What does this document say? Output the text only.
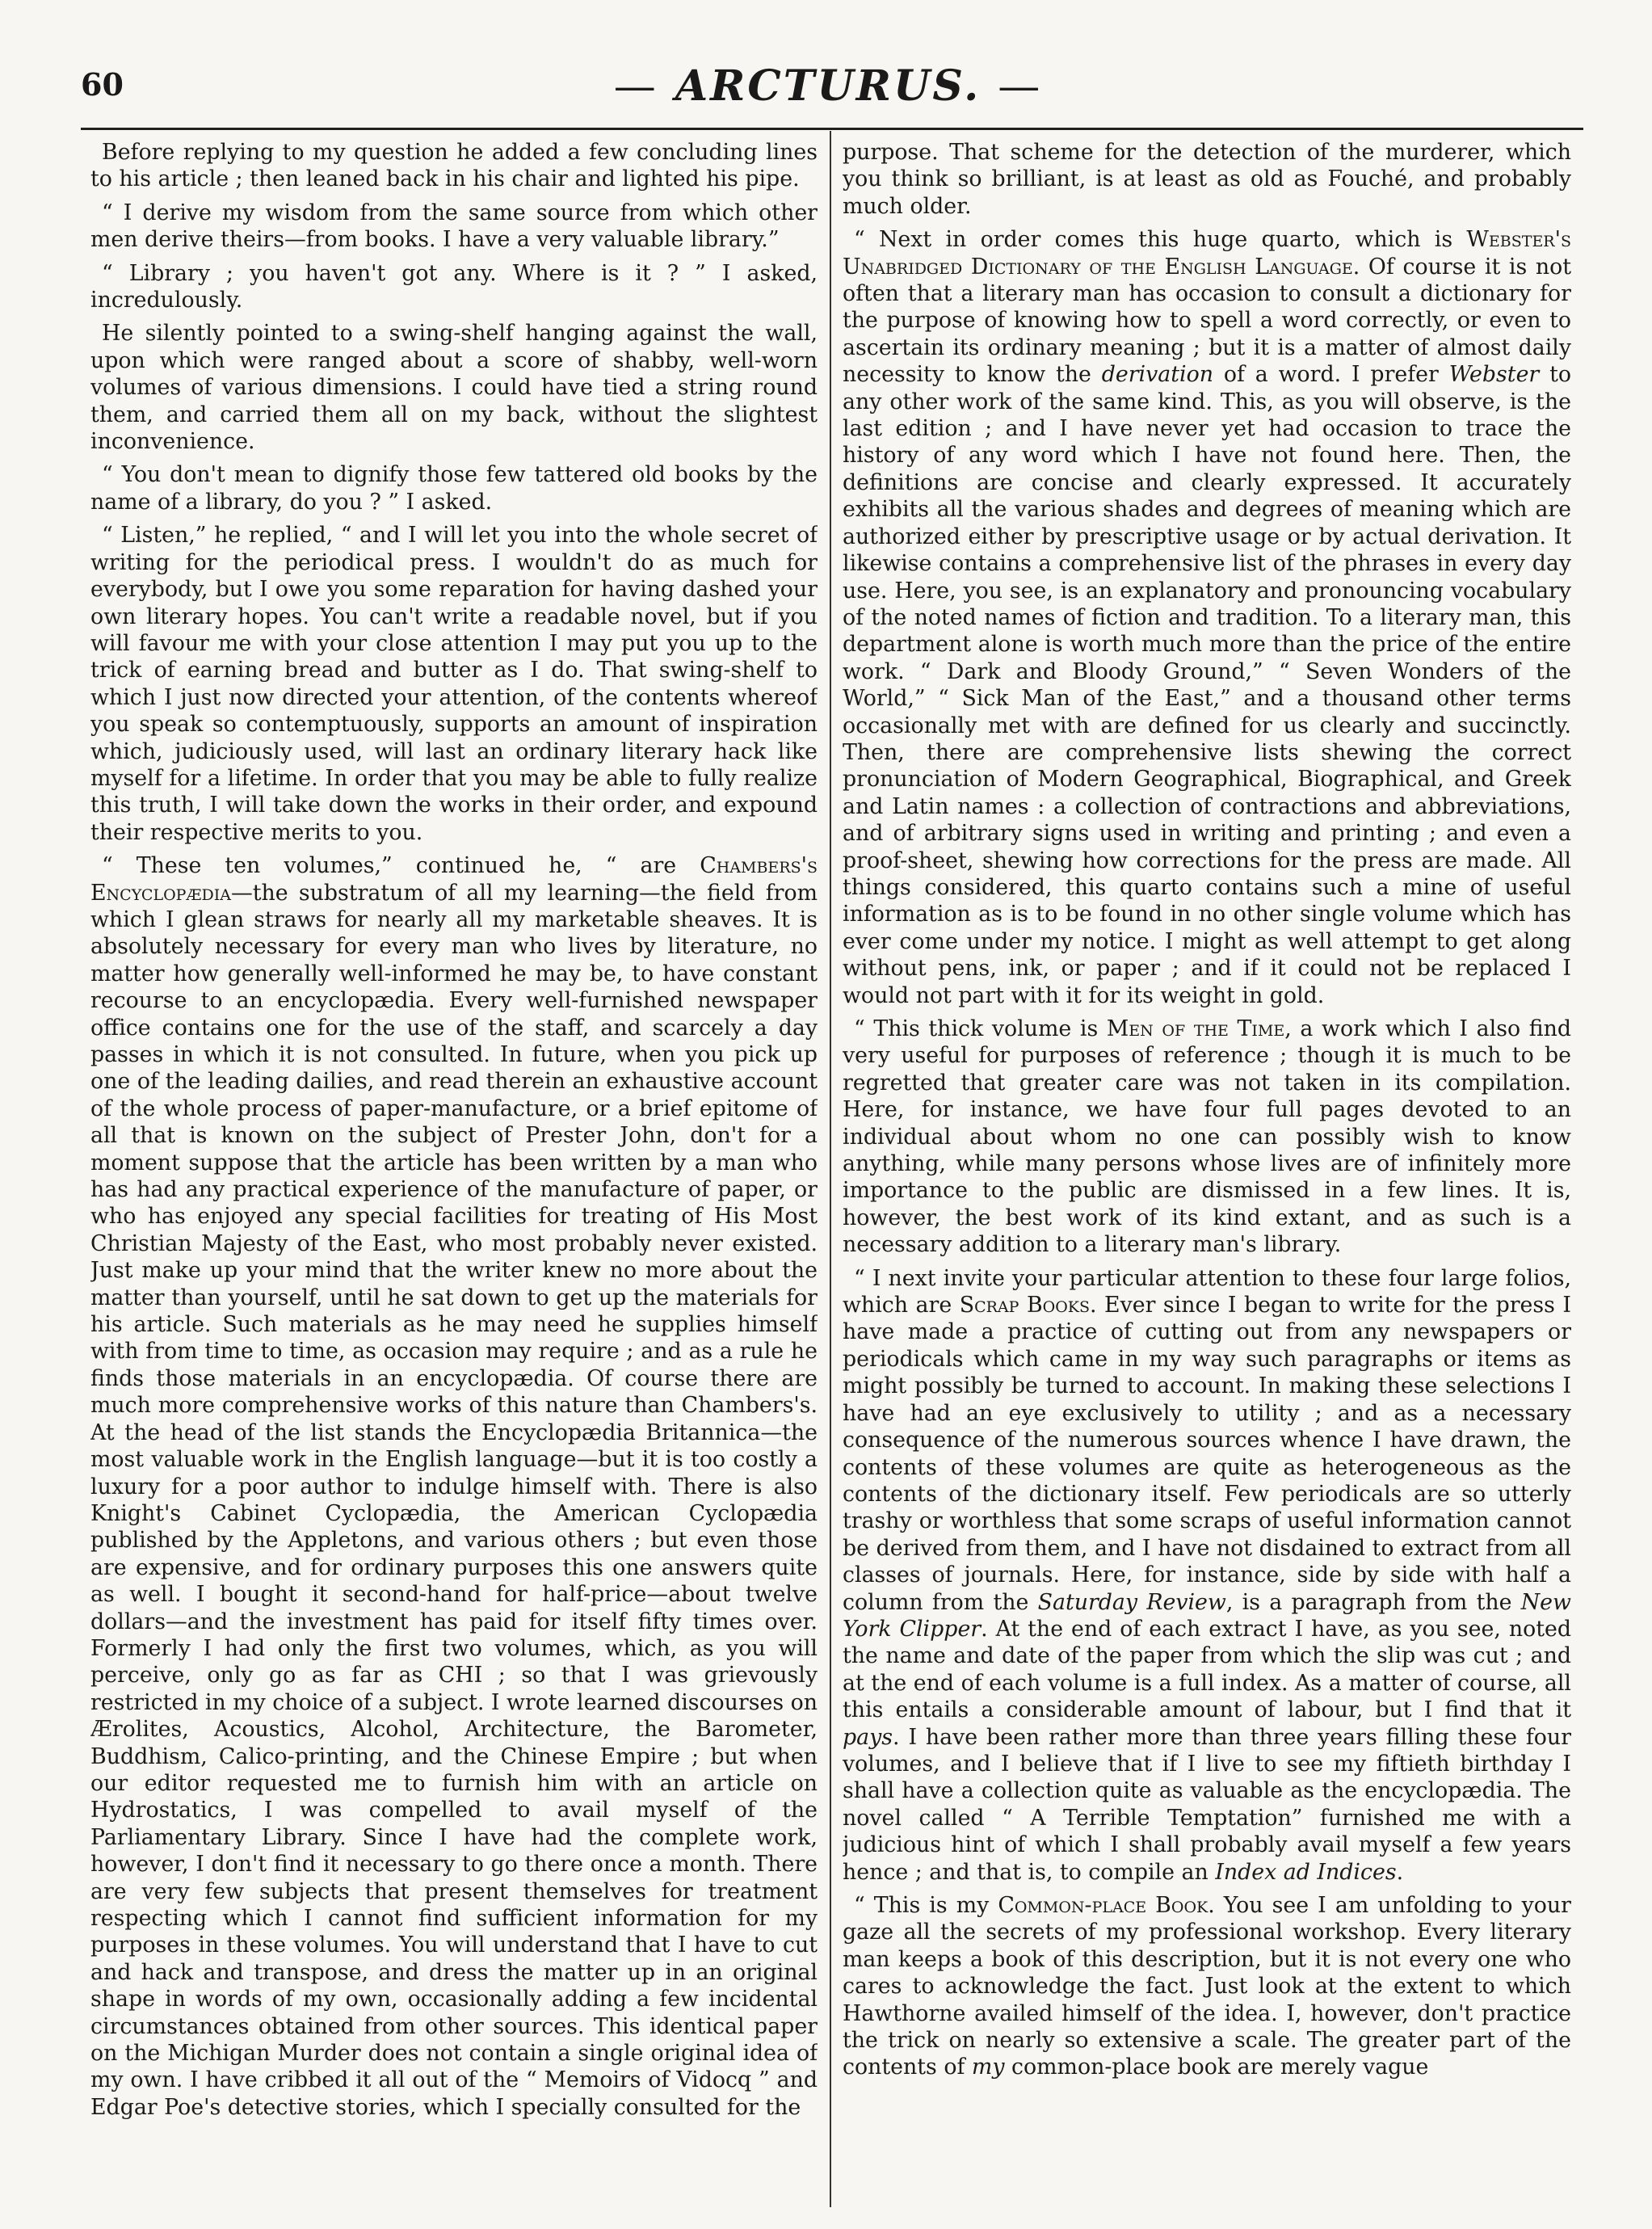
60	— ARCTURUS. —

Before replying to my question he added a few concluding lines to his article ; then leaned back in his chair and lighted his pipe.

“ I derive my wisdom from the same source from which other men derive theirs—from books. I have a very valuable library.”

“ Library ; you haven't got any. Where is it ? ” I asked, incredulously.

He silently pointed to a swing-shelf hanging against the wall, upon which were ranged about a score of shabby, well-worn volumes of various dimensions. I could have tied a string round them, and carried them all on my back, without the slightest inconvenience.

“ You don't mean to dignify those few tattered old books by the name of a library, do you ? ” I asked.

“ Listen,” he replied, “ and I will let you into the whole secret of writing for the periodical press. I wouldn't do as much for everybody, but I owe you some reparation for having dashed your own literary hopes. You can't write a readable novel, but if you will favour me with your close attention I may put you up to the trick of earning bread and butter as I do. That swing-shelf to which I just now directed your attention, of the contents whereof you speak so contemptuously, supports an amount of inspiration which, judiciously used, will last an ordinary literary hack like myself for a lifetime. In order that you may be able to fully realize this truth, I will take down the works in their order, and expound their respective merits to you.

“ These ten volumes,” continued he, “ are Chambers's Encyclopædia—the substratum of all my learning—the field from which I glean straws for nearly all my marketable sheaves. It is absolutely necessary for every man who lives by literature, no matter how generally well-informed he may be, to have constant recourse to an encyclopædia. Every well-furnished newspaper office contains one for the use of the staff, and scarcely a day passes in which it is not consulted. In future, when you pick up one of the leading dailies, and read therein an exhaustive account of the whole process of paper-manufacture, or a brief epitome of all that is known on the subject of Prester John, don't for a moment suppose that the article has been written by a man who has had any practical experience of the manufacture of paper, or who has enjoyed any special facilities for treating of His Most Christian Majesty of the East, who most probably never existed. Just make up your mind that the writer knew no more about the matter than yourself, until he sat down to get up the materials for his article. Such materials as he may need he supplies himself with from time to time, as occasion may require ; and as a rule he finds those materials in an encyclopædia. Of course there are much more comprehensive works of this nature than Chambers's. At the head of the list stands the Encyclopædia Britannica—the most valuable work in the English language—but it is too costly a luxury for a poor author to indulge himself with. There is also Knight's Cabinet Cyclopædia, the American Cyclopædia published by the Appletons, and various others ; but even those are expensive, and for ordinary purposes this one answers quite as well. I bought it second-hand for half-price—about twelve dollars—and the investment has paid for itself fifty times over. Formerly I had only the first two volumes, which, as you will perceive, only go as far as CHI ; so that I was grievously restricted in my choice of a subject. I wrote learned discourses on Ærolites, Acoustics, Alcohol, Architecture, the Barometer, Buddhism, Calico-printing, and the Chinese Empire ; but when our editor requested me to furnish him with an article on Hydrostatics, I was compelled to avail myself of the Parliamentary Library. Since I have had the complete work, however, I don't find it necessary to go there once a month. There are very few subjects that present themselves for treatment respecting which I cannot find sufficient information for my purposes in these volumes. You will understand that I have to cut and hack and transpose, and dress the matter up in an original shape in words of my own, occasionally adding a few incidental circumstances obtained from other sources. This identical paper on the Michigan Murder does not contain a single original idea of my own. I have cribbed it all out of the “ Memoirs of Vidocq ” and Edgar Poe's detective stories, which I specially consulted for the

purpose. That scheme for the detection of the murderer, which you think so brilliant, is at least as old as Fouché, and probably much older.

“ Next in order comes this huge quarto, which is Webster's Unabridged Dictionary of the English Language. Of course it is not often that a literary man has occasion to consult a dictionary for the purpose of knowing how to spell a word correctly, or even to ascertain its ordinary meaning ; but it is a matter of almost daily necessity to know the derivation of a word. I prefer Webster to any other work of the same kind. This, as you will observe, is the last edition ; and I have never yet had occasion to trace the history of any word which I have not found here. Then, the definitions are concise and clearly expressed. It accurately exhibits all the various shades and degrees of meaning which are authorized either by prescriptive usage or by actual derivation. It likewise contains a comprehensive list of the phrases in every day use. Here, you see, is an explanatory and pronouncing vocabulary of the noted names of fiction and tradition. To a literary man, this department alone is worth much more than the price of the entire work. “ Dark and Bloody Ground,” “ Seven Wonders of the World,” “ Sick Man of the East,” and a thousand other terms occasionally met with are defined for us clearly and succinctly. Then, there are comprehensive lists shewing the correct pronunciation of Modern Geographical, Biographical, and Greek and Latin names : a collection of contractions and abbreviations, and of arbitrary signs used in writing and printing ; and even a proof-sheet, shewing how corrections for the press are made. All things considered, this quarto contains such a mine of useful information as is to be found in no other single volume which has ever come under my notice. I might as well attempt to get along without pens, ink, or paper ; and if it could not be replaced I would not part with it for its weight in gold.

“ This thick volume is Men of the Time, a work which I also find very useful for purposes of reference ; though it is much to be regretted that greater care was not taken in its compilation. Here, for instance, we have four full pages devoted to an individual about whom no one can possibly wish to know anything, while many persons whose lives are of infinitely more importance to the public are dismissed in a few lines. It is, however, the best work of its kind extant, and as such is a necessary addition to a literary man's library.

“ I next invite your particular attention to these four large folios, which are Scrap Books. Ever since I began to write for the press I have made a practice of cutting out from any newspapers or periodicals which came in my way such paragraphs or items as might possibly be turned to account. In making these selections I have had an eye exclusively to utility ; and as a necessary consequence of the numerous sources whence I have drawn, the contents of these volumes are quite as heterogeneous as the contents of the dictionary itself. Few periodicals are so utterly trashy or worthless that some scraps of useful information cannot be derived from them, and I have not disdained to extract from all classes of journals. Here, for instance, side by side with half a column from the Saturday Review, is a paragraph from the New York Clipper. At the end of each extract I have, as you see, noted the name and date of the paper from which the slip was cut ; and at the end of each volume is a full index. As a matter of course, all this entails a considerable amount of labour, but I find that it pays. I have been rather more than three years filling these four volumes, and I believe that if I live to see my fiftieth birthday I shall have a collection quite as valuable as the encyclopædia. The novel called “ A Terrible Temptation” furnished me with a judicious hint of which I shall probably avail myself a few years hence ; and that is, to compile an Index ad Indices.

“ This is my Common-place Book. You see I am unfolding to your gaze all the secrets of my professional workshop. Every literary man keeps a book of this description, but it is not every one who cares to acknowledge the fact. Just look at the extent to which Hawthorne availed himself of the idea. I, however, don't practice the trick on nearly so extensive a scale. The greater part of the contents of my common-place book are merely vague
